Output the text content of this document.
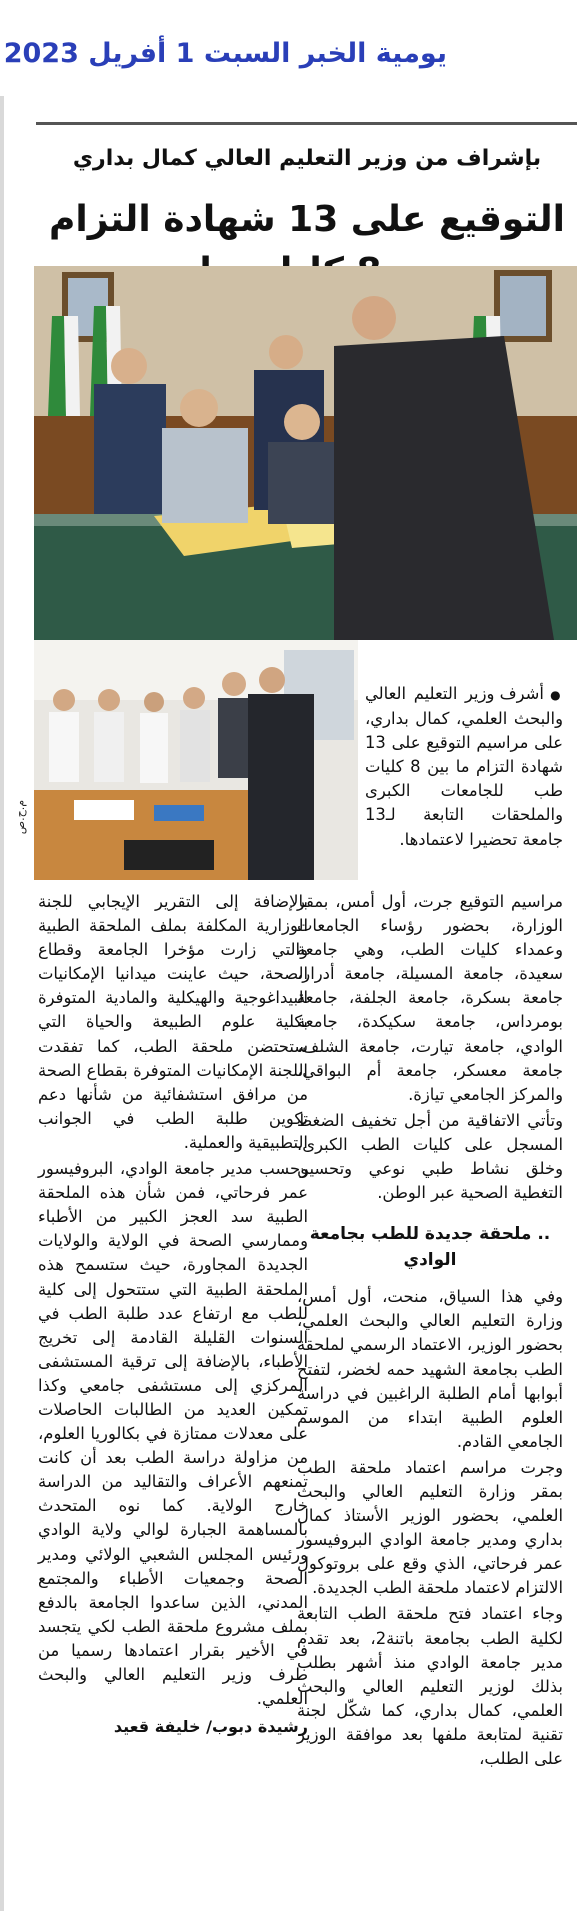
يومية الخبر السبت 1 أفريل 2023
بإشراف من وزير التعليم العالي كمال بداري
التوقيع على 13 شهادة التزام
م.ح.ص

● أشرف وزير التعليم العالي والبحث العلمي، كمال بداري، على مراسيم التوقيع على 13 شهادة التزام ما بين 8 كليات طب للجامعات الكبرى والملحقات التابعة لـ13 جامعة تحضيرا لاعتمادها.

مراسيم التوقيع جرت، أول أمس، بمقر الوزارة، بحضور رؤساء الجامعات وعمداء كليات الطب، وهي جامعة سعيدة، جامعة المسيلة، جامعة أدرار، جامعة بسكرة، جامعة الجلفة، جامعة بومرداس، جامعة سكيكدة، جامعة الوادي، جامعة تيارت، جامعة الشلف، جامعة معسكر، جامعة أم البواقي، والمركز الجامعي تيازة.

وتأتي الاتفاقية من أجل تخفيف الضغط المسجل على كليات الطب الكبرى، وخلق نشاط طبي نوعي وتحسين التغطية الصحية عبر الوطن.

.. ملحقة جديدة للطب بجامعة الوادي

وفي هذا السياق، منحت، أول أمس، وزارة التعليم العالي والبحث العلمي، بحضور الوزير، الاعتماد الرسمي لملحقة الطب بجامعة الشهيد حمه لخضر، لتفتح أبوابها أمام الطلبة الراغبين في دراسة العلوم الطبية ابتداء من الموسم الجامعي القادم.

وجرت مراسم اعتماد ملحقة الطب بمقر وزارة التعليم العالي والبحث العلمي، بحضور الوزير الأستاذ كمال بداري ومدير جامعة الوادي البروفيسور عمر فرحاتي، الذي وقع على بروتوكول الالتزام لاعتماد ملحقة الطب الجديدة.

وجاء اعتماد فتح ملحقة الطب التابعة لكلية الطب بجامعة باتنة2، بعد تقدم مدير جامعة الوادي منذ أشهر بطلب بذلك لوزير التعليم العالي والبحث العلمي، كمال بداري، كما شكّل لجنة تقنية لمتابعة ملفها بعد موافقة الوزير على الطلب،

بالإضافة إلى التقرير الإيجابي للجنة الوزارية المكلفة بملف الملحقة الطبية والتي زارت مؤخرا الجامعة وقطاع الصحة، حيث عاينت ميدانيا الإمكانيات البيداغوجية والهيكلية والمادية المتوفرة بكلية علوم الطبيعة والحياة التي ستحتضن ملحقة الطب، كما تفقدت اللجنة الإمكانيات المتوفرة بقطاع الصحة من مرافق استشفائية من شأنها دعم تكوين طلبة الطب في الجوانب التطبيقية والعملية.

وحسب مدير جامعة الوادي، البروفيسور عمر فرحاتي، فمن شأن هذه الملحقة الطبية سد العجز الكبير من الأطباء وممارسي الصحة في الولاية والولايات الجديدة المجاورة، حيث ستسمح هذه الملحقة الطبية التي ستتحول إلى كلية للطب مع ارتفاع عدد طلبة الطب في السنوات القليلة القادمة إلى تخريج الأطباء، بالإضافة إلى ترقية المستشفى المركزي إلى مستشفى جامعي وكذا تمكين العديد من الطالبات الحاصلات على معدلات ممتازة في بكالوريا العلوم، من مزاولة دراسة الطب بعد أن كانت تمنعهم الأعراف والتقاليد من الدراسة خارج الولاية. كما نوه المتحدث بالمساهمة الجبارة لوالي ولاية الوادي ورئيس المجلس الشعبي الولائي ومدير الصحة وجمعيات الأطباء والمجتمع المدني، الذين ساعدوا الجامعة بالدفع بملف مشروع ملحقة الطب لكي يتجسد في الأخير بقرار اعتمادها رسميا من طرف وزير التعليم العالي والبحث العلمي.

رشيدة دبوب/ خليفة قعيد
